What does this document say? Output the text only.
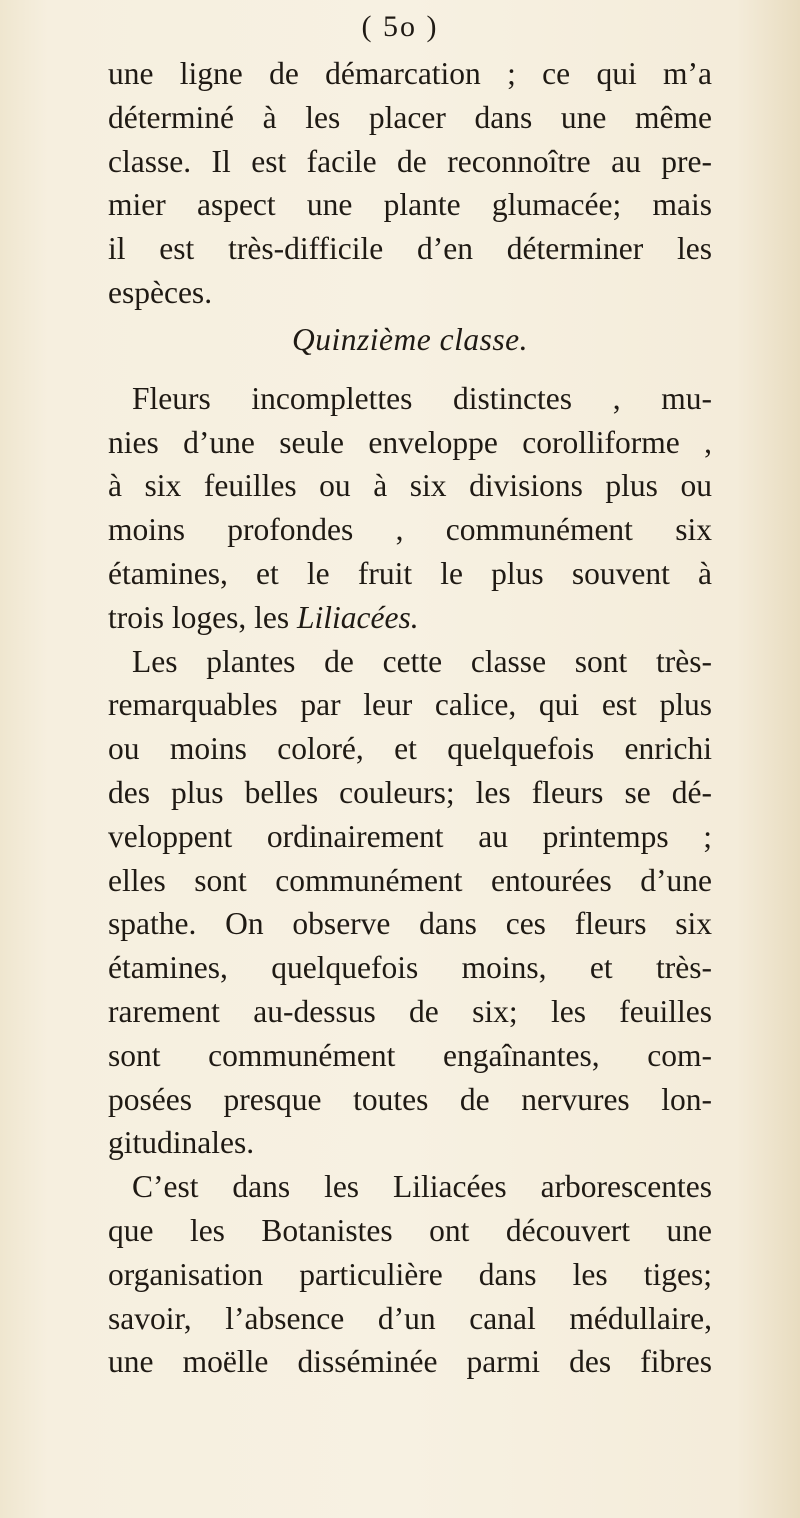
( 5o )
une ligne de démarcation ; ce qui m’a
déterminé à les placer dans une même
classe. Il est facile de reconnoître au pre-
mier aspect une plante glumacée; mais
il est très-difficile d’en déterminer les
espèces.
Quinzième classe.
Fleurs incomplettes distinctes , mu-
nies d’une seule enveloppe corolliforme ,
à six feuilles ou à six divisions plus ou
moins profondes , communément six
étamines, et le fruit le plus souvent à
trois loges, les Liliacées.
Les plantes de cette classe sont très-
remarquables par leur calice, qui est plus
ou moins coloré, et quelquefois enrichi
des plus belles couleurs; les fleurs se dé-
veloppent ordinairement au printemps ;
elles sont communément entourées d’une
spathe. On observe dans ces fleurs six
étamines, quelquefois moins, et très-
rarement au-dessus de six; les feuilles
sont communément engaînantes, com-
posées presque toutes de nervures lon-
gitudinales.
C’est dans les Liliacées arborescentes
que les Botanistes ont découvert une
organisation particulière dans les tiges;
savoir, l’absence d’un canal médullaire,
une moëlle disséminée parmi des fibres
